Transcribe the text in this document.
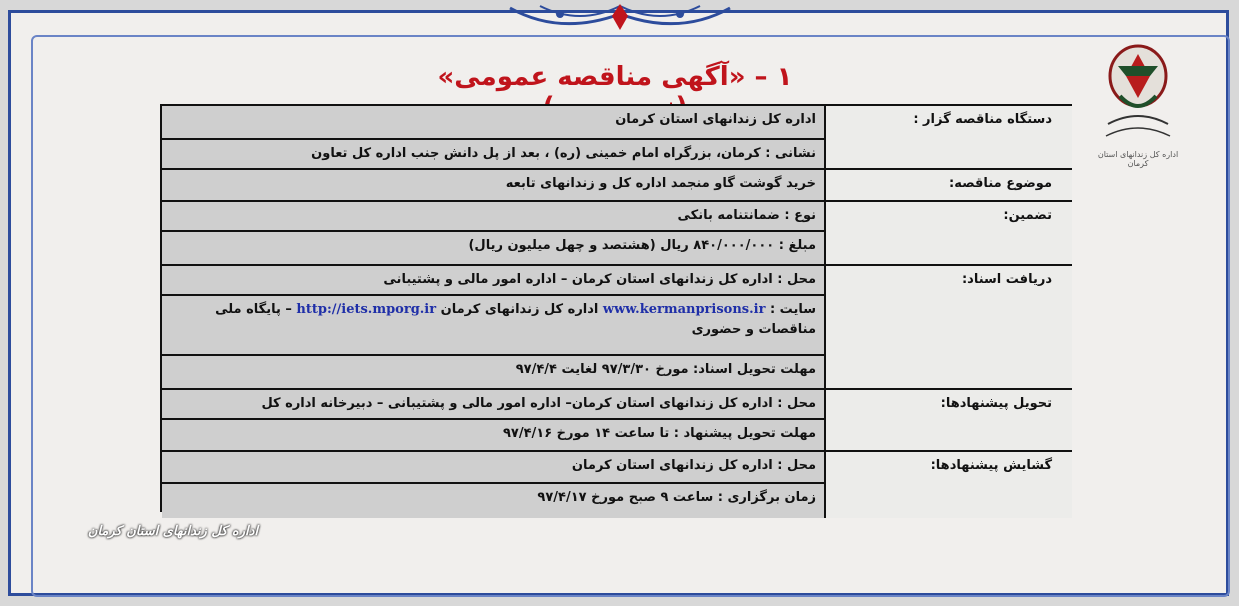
۱ – «آگهی مناقصه عمومی»
اداره کل زندانهای استان کرمان
اداره کل زندانهای استان کرمان	دستگاه مناقصه گزار :
نشانی : کرمان، بزرگراه امام خمینی (ره) ، بعد از پل دانش جنب اداره کل تعاون
خرید گوشت گاو منجمد اداره کل و زندانهای تابعه	موضوع مناقصه:
نوع : ضمانتنامه بانکی	تضمین:
مبلغ : ۸۴۰/۰۰۰/۰۰۰ ریال (هشتصد و چهل میلیون ریال)
محل : اداره کل زندانهای استان کرمان – اداره امور مالی و پشتیبانی	دریافت اسناد:
سایت : www.kermanprisons.ir اداره کل زندانهای کرمان http://iets.mporg.ir – پایگاه ملی مناقصات و حضوری
مهلت تحویل اسناد: مورخ ۹۷/۳/۳۰ لغایت ۹۷/۴/۴
محل : اداره کل زندانهای استان کرمان– اداره امور مالی و پشتیبانی – دبیرخانه اداره کل	تحویل پیشنهادها:
مهلت تحویل پیشنهاد : تا ساعت ۱۴ مورخ ۹۷/۴/۱۶
محل : اداره کل زندانهای استان کرمان	گشایش پیشنهادها:
زمان برگزاری : ساعت ۹ صبح مورخ ۹۷/۴/۱۷
اداره کل زندانهای استان کرمان
